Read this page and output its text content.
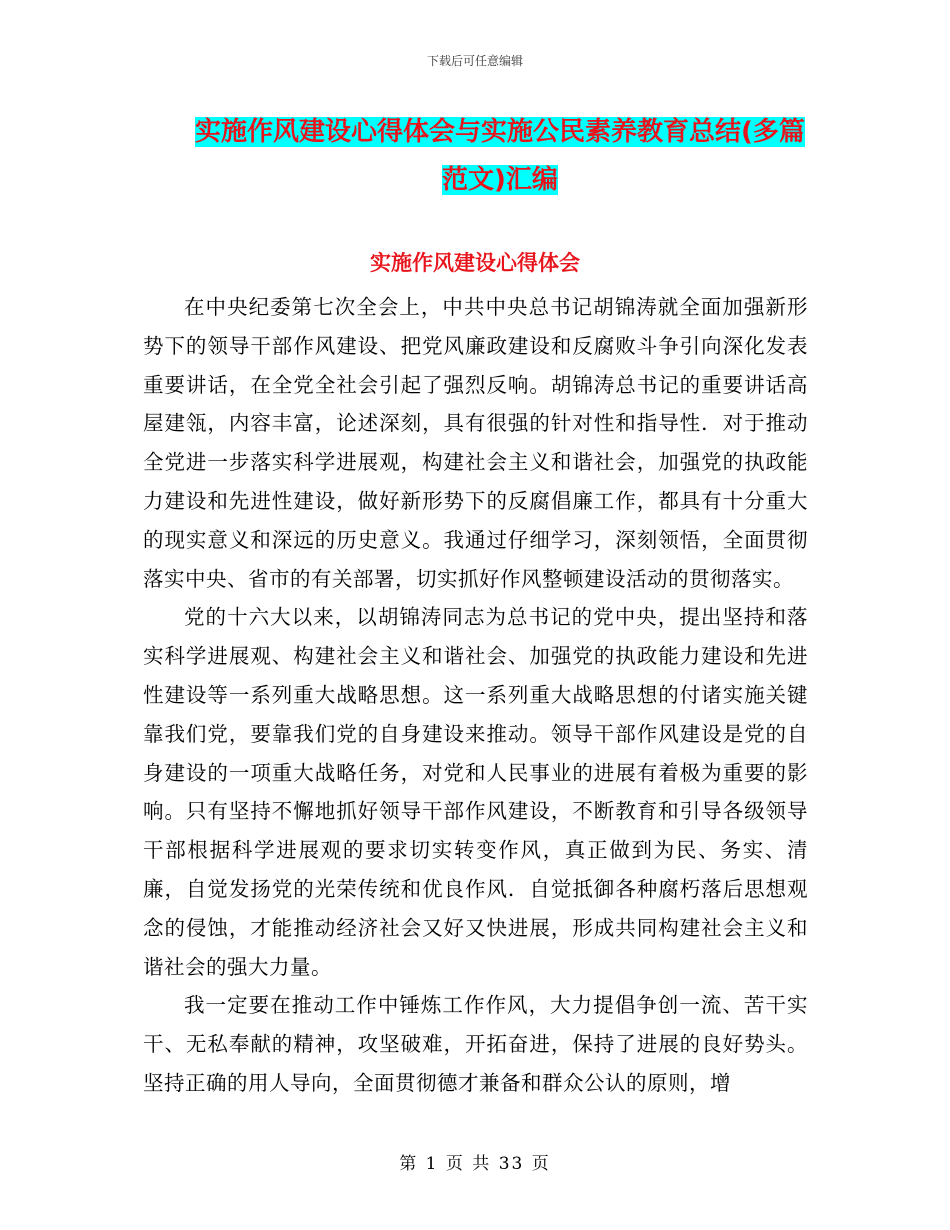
下载后可任意编辑
实施作风建设心得体会与实施公民素养教育总结(多篇
范文)汇编
实施作风建设心得体会

在中央纪委第七次全会上，中共中央总书记胡锦涛就全面加强新形势下的领导干部作风建设、把党风廉政建设和反腐败斗争引向深化发表重要讲话，在全党全社会引起了强烈反响。胡锦涛总书记的重要讲话高屋建瓴，内容丰富，论述深刻，具有很强的针对性和指导性．对于推动全党进一步落实科学进展观，构建社会主义和谐社会，加强党的执政能力建设和先进性建设，做好新形势下的反腐倡廉工作，都具有十分重大的现实意义和深远的历史意义。我通过仔细学习，深刻领悟，全面贯彻落实中央、省市的有关部署，切实抓好作风整顿建设活动的贯彻落实。

党的十六大以来，以胡锦涛同志为总书记的党中央，提出坚持和落实科学进展观、构建社会主义和谐社会、加强党的执政能力建设和先进性建设等一系列重大战略思想。这一系列重大战略思想的付诸实施关键靠我们党，要靠我们党的自身建设来推动。领导干部作风建设是党的自身建设的一项重大战略任务，对党和人民事业的进展有着极为重要的影响。只有坚持不懈地抓好领导干部作风建设，不断教育和引导各级领导干部根据科学进展观的要求切实转变作风，真正做到为民、务实、清廉，自觉发扬党的光荣传统和优良作风．自觉抵御各种腐朽落后思想观念的侵蚀，才能推动经济社会又好又快进展，形成共同构建社会主义和谐社会的强大力量。

我一定要在推动工作中锤炼工作作风，大力提倡争创一流、苦干实干、无私奉献的精神，攻坚破难，开拓奋进，保持了进展的良好势头。坚持正确的用人导向，全面贯彻德才兼备和群众公认的原则，增

第 1 页 共 33 页
